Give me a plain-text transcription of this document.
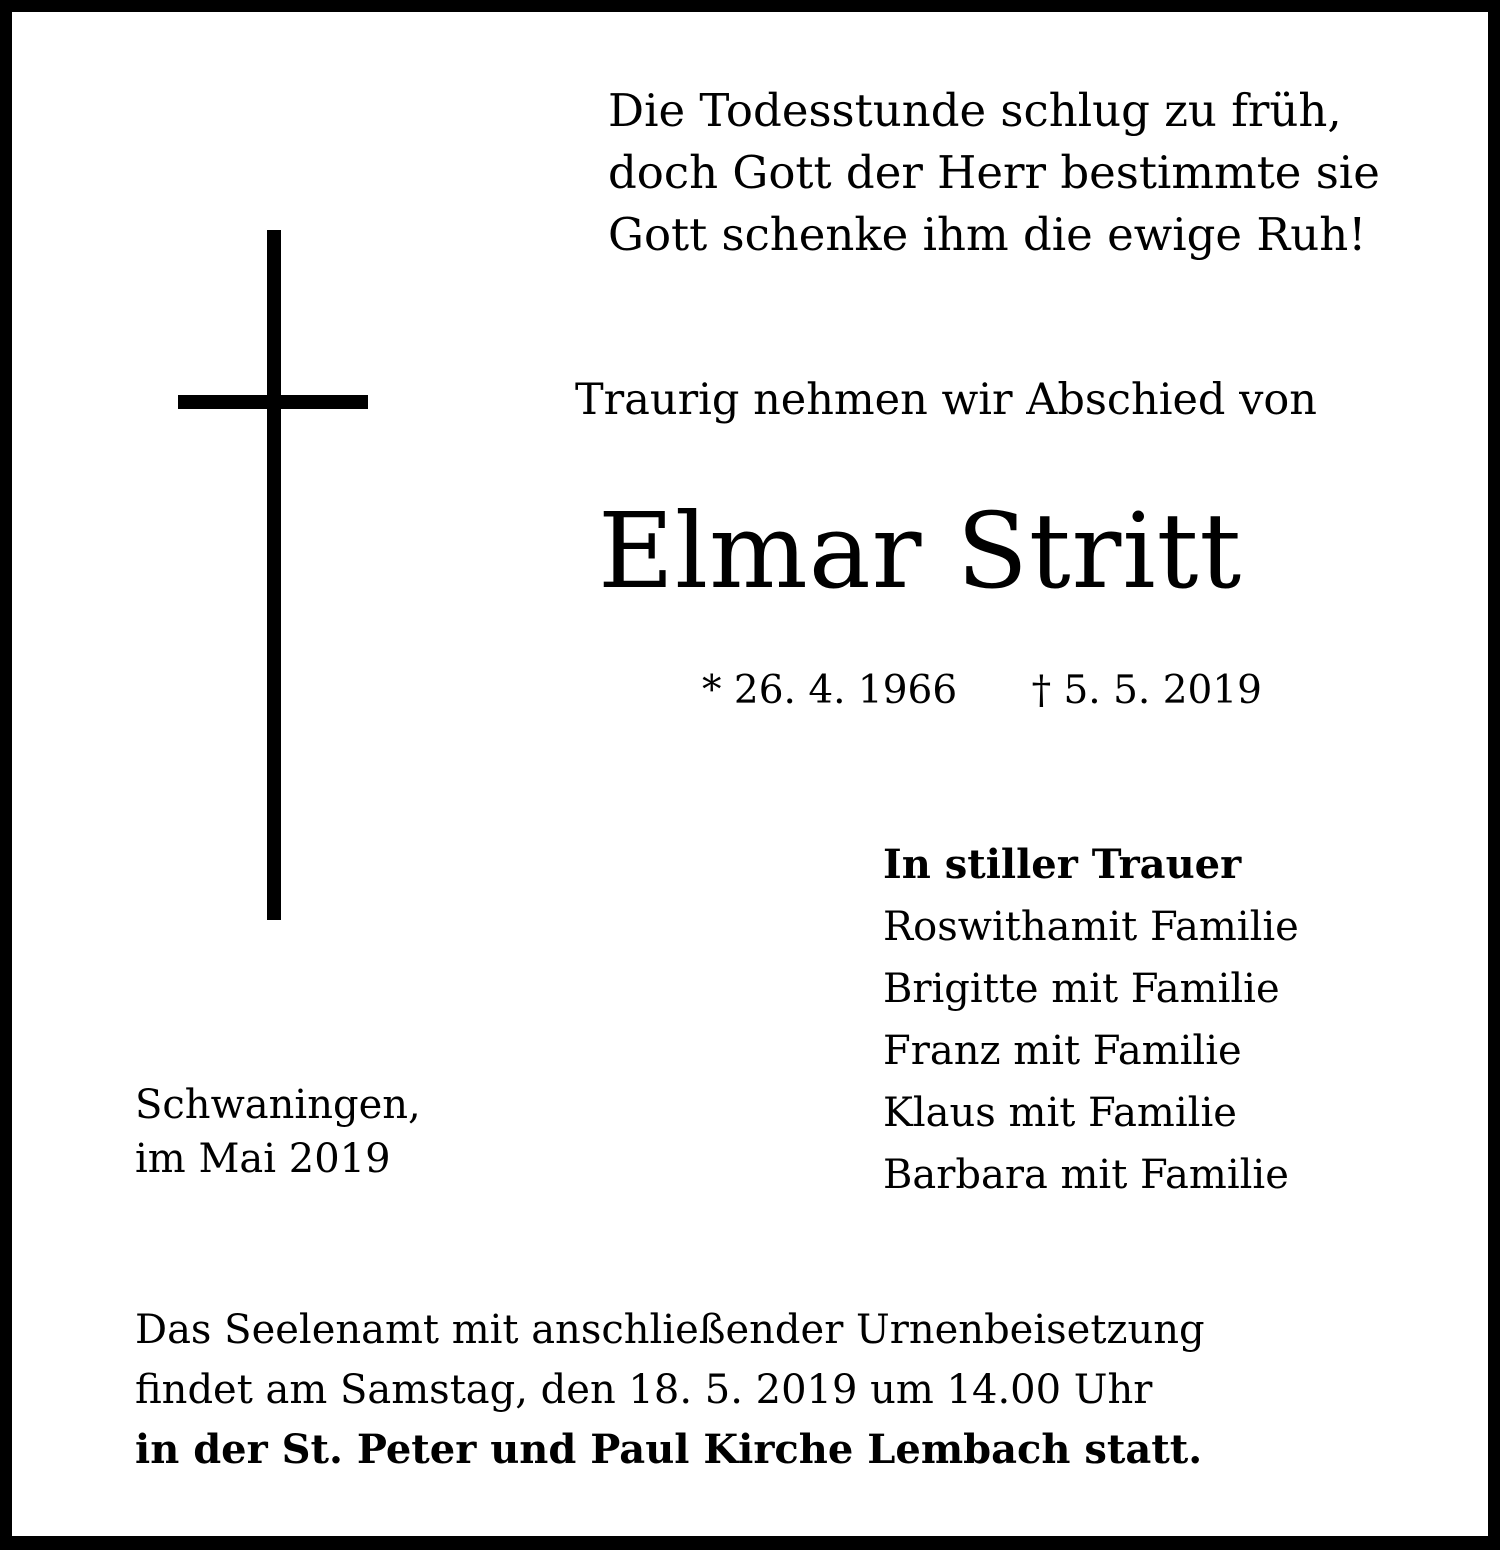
Die Todesstunde schlug zu früh,
doch Gott der Herr bestimmte sie
Gott schenke ihm die ewige Ruh!
Traurig nehmen wir Abschied von
Elmar Stritt
* 26. 4. 1966 † 5. 5. 2019
In stiller Trauer
Roswithamit Familie
Brigitte mit Familie
Franz mit Familie
Klaus mit Familie
Barbara mit Familie
Schwaningen,
im Mai 2019
Das Seelenamt mit anschließender Urnenbeisetzung
findet am Samstag, den 18. 5. 2019 um 14.00 Uhr
in der St. Peter und Paul Kirche Lembach statt.
